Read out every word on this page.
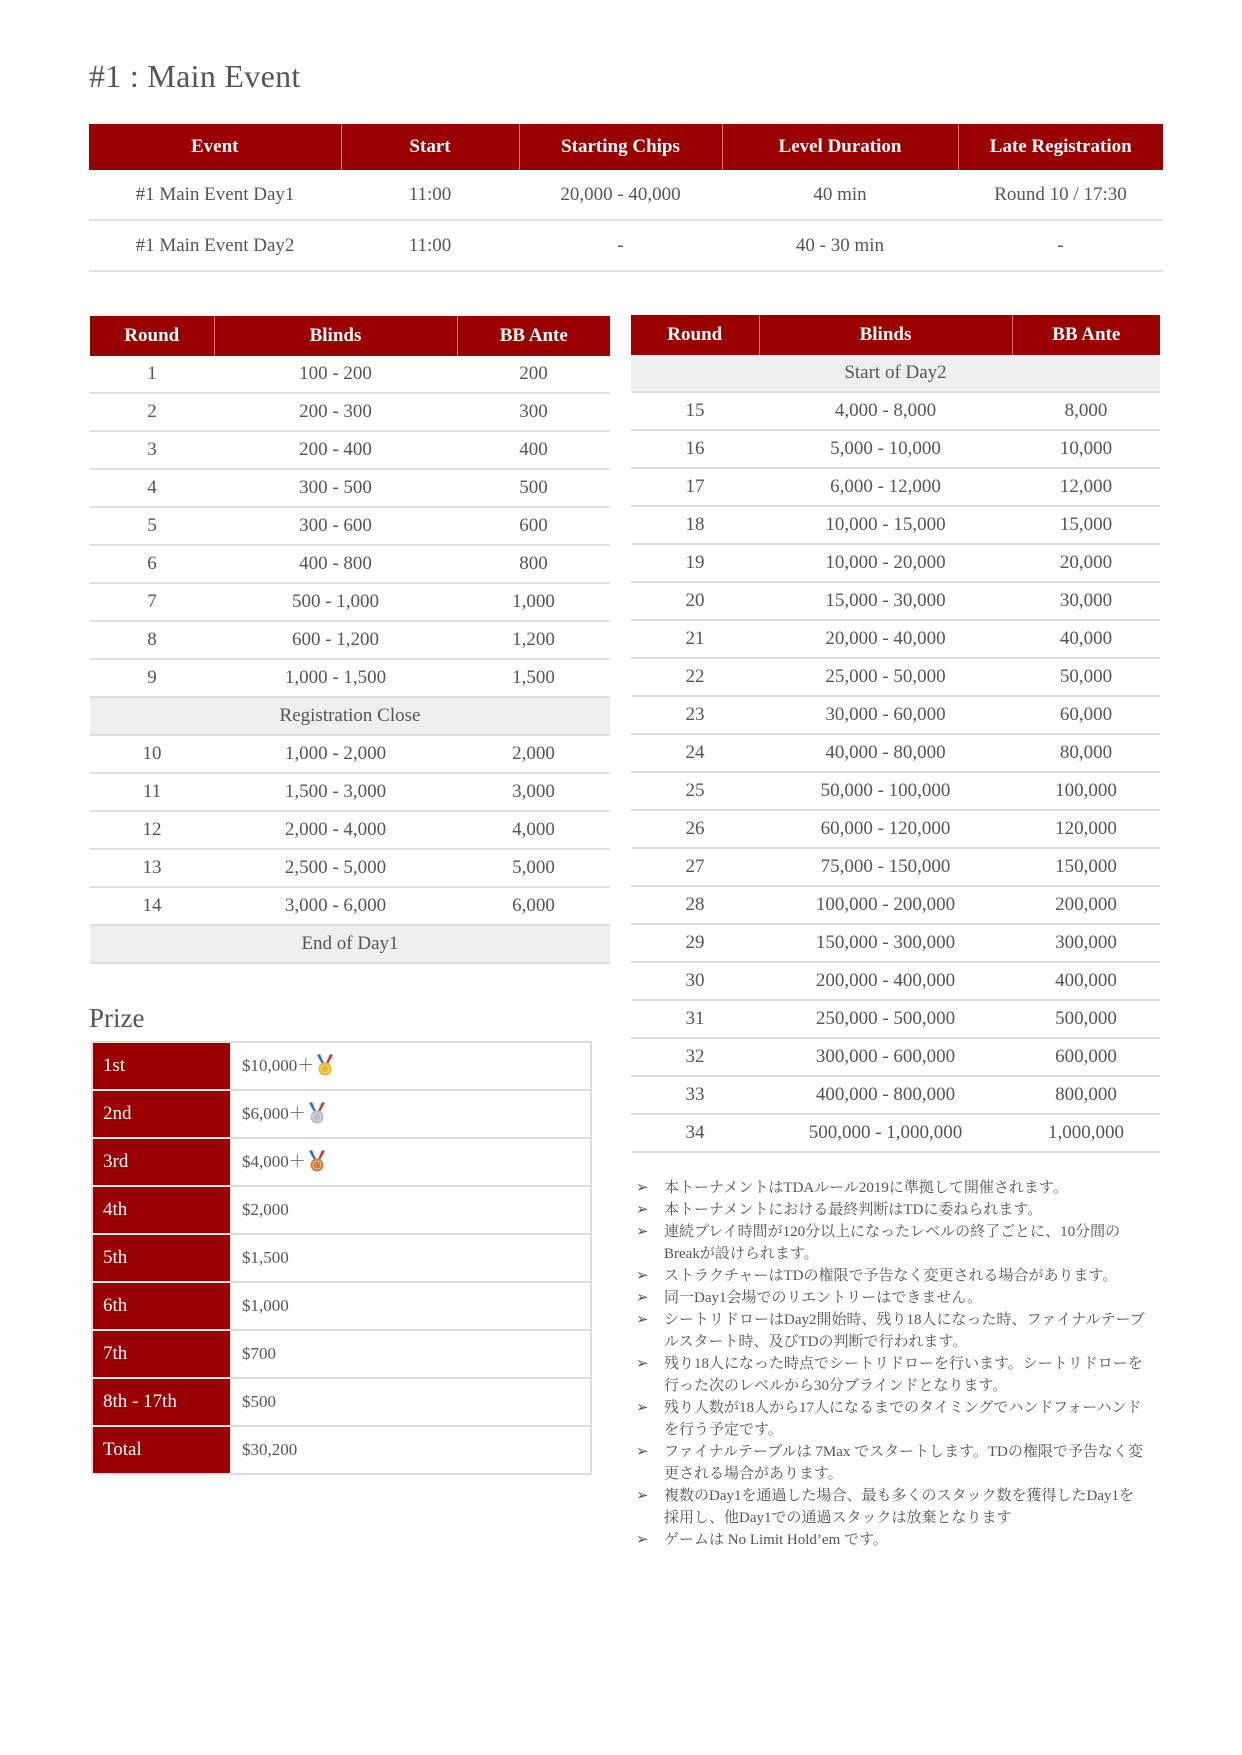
#1 : Main Event
Event	Start	Starting Chips	Level Duration	Late Registration
#1 Main Event Day1	11:00	20,000 - 40,000	40 min	Round 10 / 17:30
#1 Main Event Day2	11:00	-	40 - 30 min	-
Round	Blinds	BB Ante
1	100 - 200	200
2	200 - 300	300
3	200 - 400	400
4	300 - 500	500
5	300 - 600	600
6	400 - 800	800
7	500 - 1,000	1,000
8	600 - 1,200	1,200
9	1,000 - 1,500	1,500
Registration Close		
10	1,000 - 2,000	2,000
11	1,500 - 3,000	3,000
12	2,000 - 4,000	4,000
13	2,500 - 5,000	5,000
14	3,000 - 6,000	6,000
End of Day1		
Round	Blinds	BB Ante
Start of Day2		
15	4,000 - 8,000	8,000
16	5,000 - 10,000	10,000
17	6,000 - 12,000	12,000
18	10,000 - 15,000	15,000
19	10,000 - 20,000	20,000
20	15,000 - 30,000	30,000
21	20,000 - 40,000	40,000
22	25,000 - 50,000	50,000
23	30,000 - 60,000	60,000
24	40,000 - 80,000	80,000
25	50,000 - 100,000	100,000
26	60,000 - 120,000	120,000
27	75,000 - 150,000	150,000
28	100,000 - 200,000	200,000
29	150,000 - 300,000	300,000
30	200,000 - 400,000	400,000
31	250,000 - 500,000	500,000
32	300,000 - 600,000	600,000
33	400,000 - 800,000	800,000
34	500,000 - 1,000,000	1,000,000
Prize
1st	$10,000＋
2nd	$6,000＋
3rd	$4,000＋
4th	$2,000
5th	$1,500
6th	$1,000
7th	$700
8th - 17th	$500
Total	$30,200
➢ 本トーナメントはTDAルール2019に準拠して開催されます。
➢ 本トーナメントにおける最終判断はTDに委ねられます。
➢ 連続プレイ時間が120分以上になったレベルの終了ごとに、10分間のBreakが設けられます。
➢ ストラクチャーはTDの権限で予告なく変更される場合があります。
➢ 同一Day1会場でのリエントリーはできません。
➢ シートリドローはDay2開始時、残り18人になった時、ファイナルテーブルスタート時、及びTDの判断で行われます。
➢ 残り18人になった時点でシートリドローを行います。シートリドローを行った次のレベルから30分ブラインドとなります。
➢ 残り人数が18人から17人になるまでのタイミングでハンドフォーハンドを行う予定です。
➢ ファイナルテーブルは 7Max でスタートします。TDの権限で予告なく変更される場合があります。
➢ 複数のDay1を通過した場合、最も多くのスタック数を獲得したDay1を採用し、他Day1での通過スタックは放棄となります
➢ ゲームは No Limit Hold’em です。
